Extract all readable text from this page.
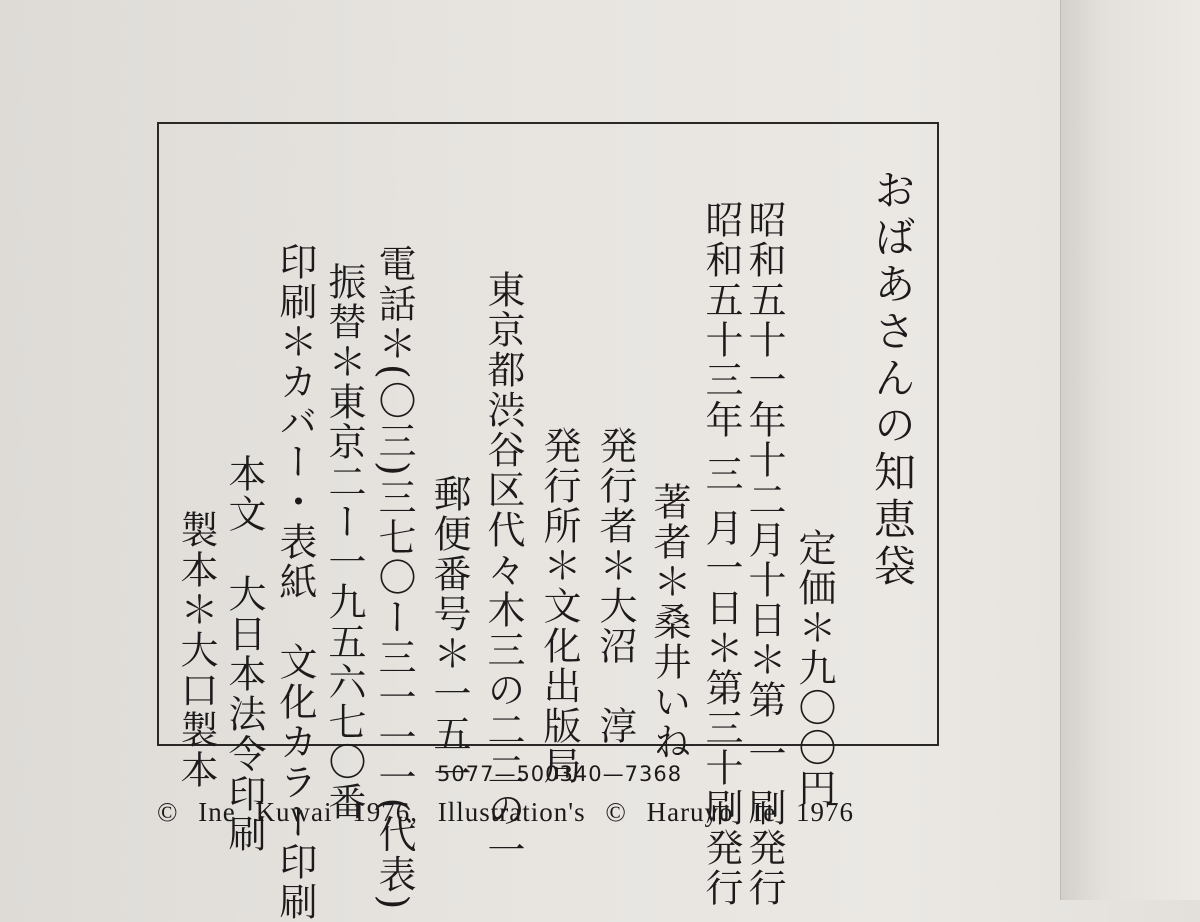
おばあさんの知恵袋
定価＊九〇〇円
昭和五十一年十二月十日＊第 一 刷発行
昭和五十三年 三 月一日＊第三十刷発行
著者＊桑井いね
発行者＊大沼　淳
発行所＊文化出版局
東京都渋谷区代々木三の二二の一
郵便番号＊一五一
電話＊(〇三)三七〇ー三一一一(代表)
振替＊東京二ー一九五六七〇番
印刷＊カバー・表紙　文化カラー印刷
本文　大日本法令印刷
製本＊大口製本	5077—500340—7368
© Ine Kuwai 1976, Illustration's © Haruyo Ie 1976
